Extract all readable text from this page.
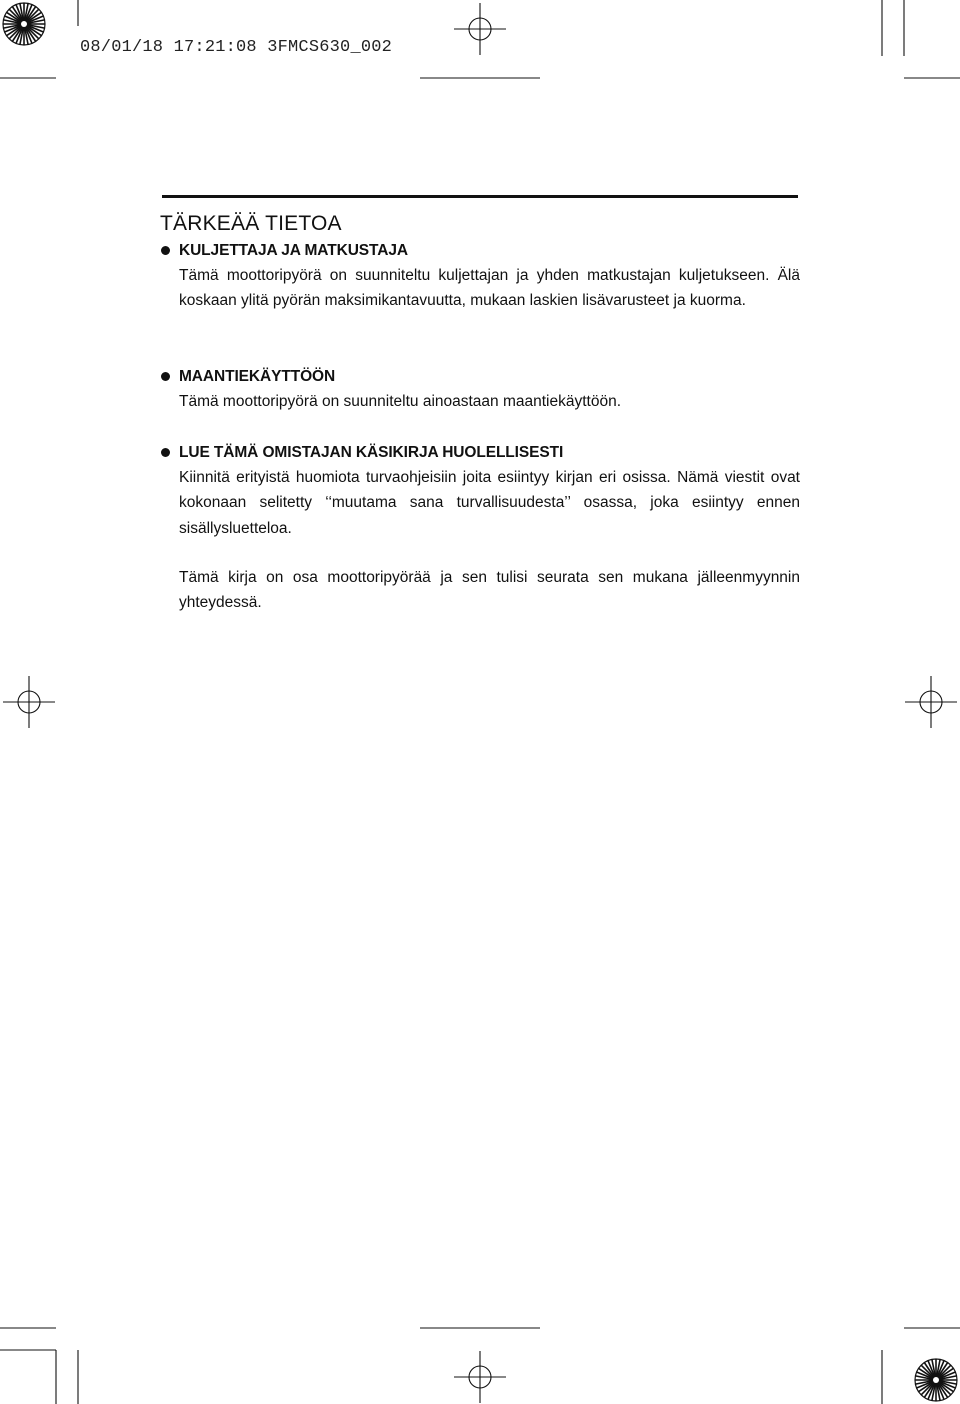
08/01/18 17:21:08 3FMCS630_002
TÄRKEÄÄ TIETOA
KULJETTAJA JA MATKUSTAJA

Tämä moottoripyörä on suunniteltu kuljettajan ja yhden matkustajan kuljetukseen. Älä koskaan ylitä pyörän maksimikantavuutta, mukaan laskien lisävarusteet ja kuorma.

MAANTIEKÄYTTÖÖN

Tämä moottoripyörä on suunniteltu ainoastaan maantiekäyttöön.

LUE TÄMÄ OMISTAJAN KÄSIKIRJA HUOLELLISESTI

Kiinnitä erityistä huomiota turvaohjeisiin joita esiintyy kirjan eri osissa. Nämä viestit ovat kokonaan selitetty ‘‘muutama sana turvallisuudesta’’ osassa, joka esiintyy ennen sisällysluetteloa.

Tämä kirja on osa moottoripyörää ja sen tulisi seurata sen mukana jälleenmyynnin yhteydessä.
